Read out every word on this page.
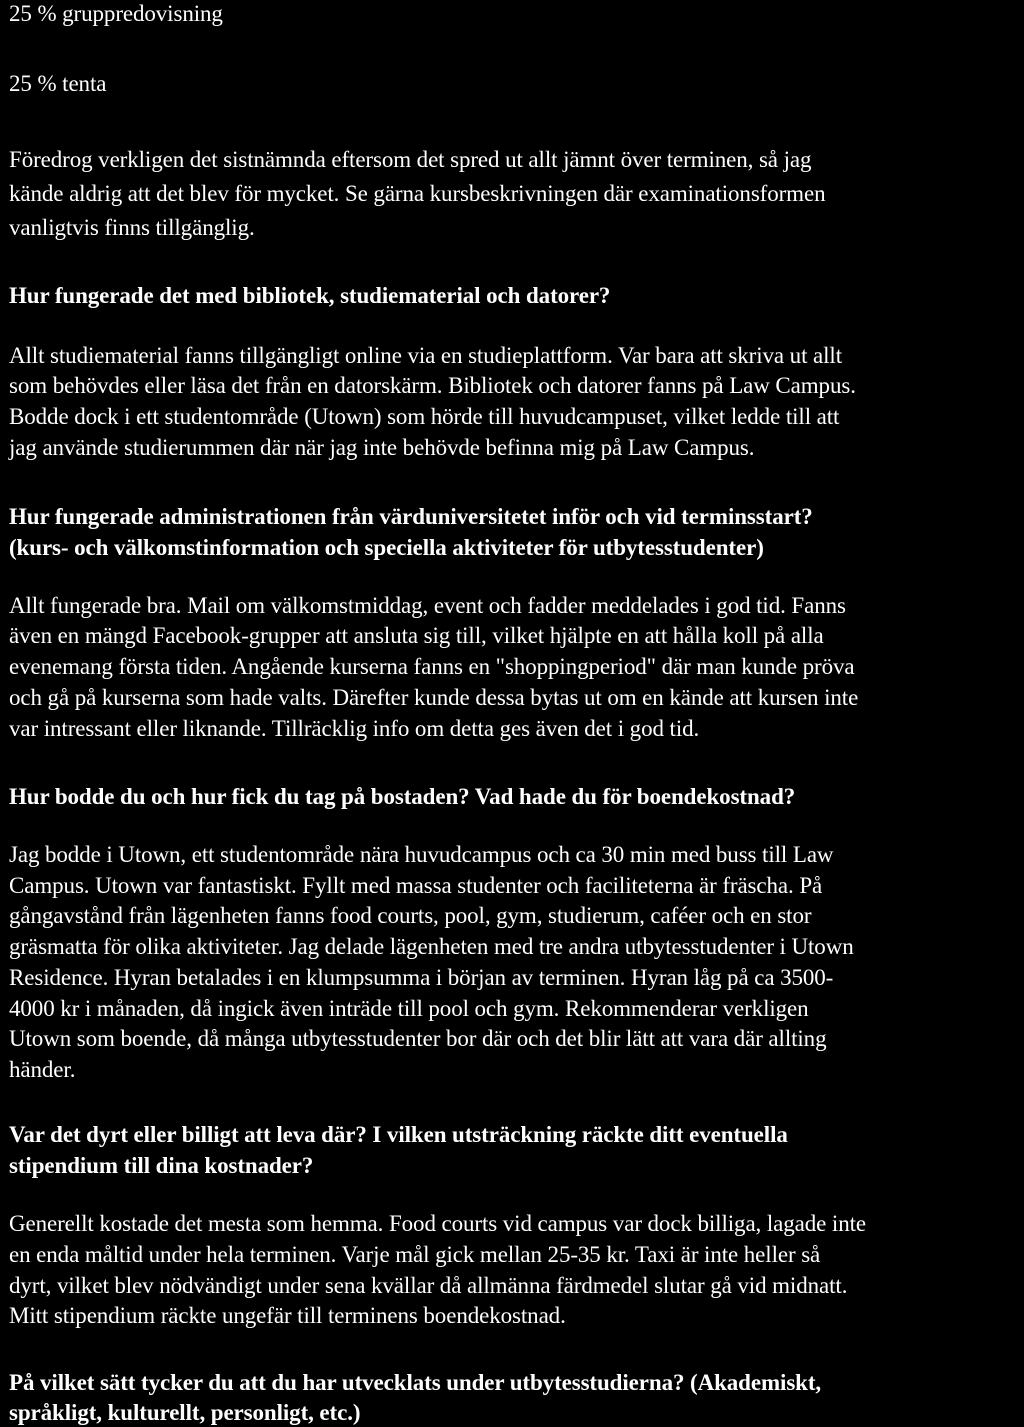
25 % gruppredovisning
25 % tenta
Föredrog verkligen det sistnämnda eftersom det spred ut allt jämnt över terminen, så jag
kände aldrig att det blev för mycket. Se gärna kursbeskrivningen där examinationsformen
vanligtvis finns tillgänglig.
Hur fungerade det med bibliotek, studiematerial och datorer?
Allt studiematerial fanns tillgängligt online via en studieplattform. Var bara att skriva ut allt
som behövdes eller läsa det från en datorskärm. Bibliotek och datorer fanns på Law Campus.
Bodde dock i ett studentområde (Utown) som hörde till huvudcampuset, vilket ledde till att
jag använde studierummen där när jag inte behövde befinna mig på Law Campus.
Hur fungerade administrationen från värduniversitetet inför och vid terminsstart?
(kurs- och välkomstinformation och speciella aktiviteter för utbytesstudenter)
Allt fungerade bra. Mail om välkomstmiddag, event och fadder meddelades i god tid. Fanns
även en mängd Facebook-grupper att ansluta sig till, vilket hjälpte en att hålla koll på alla
evenemang första tiden. Angående kurserna fanns en "shoppingperiod" där man kunde pröva
och gå på kurserna som hade valts. Därefter kunde dessa bytas ut om en kände att kursen inte
var intressant eller liknande. Tillräcklig info om detta ges även det i god tid.
Hur bodde du och hur fick du tag på bostaden? Vad hade du för boendekostnad?
Jag bodde i Utown, ett studentområde nära huvudcampus och ca 30 min med buss till Law
Campus. Utown var fantastiskt. Fyllt med massa studenter och faciliteterna är fräscha. På
gångavstånd från lägenheten fanns food courts, pool, gym, studierum, caféer och en stor
gräsmatta för olika aktiviteter. Jag delade lägenheten med tre andra utbytesstudenter i Utown
Residence. Hyran betalades i en klumpsumma i början av terminen. Hyran låg på ca 3500-
4000 kr i månaden, då ingick även inträde till pool och gym. Rekommenderar verkligen
Utown som boende, då många utbytesstudenter bor där och det blir lätt att vara där allting
händer.
Var det dyrt eller billigt att leva där? I vilken utsträckning räckte ditt eventuella
stipendium till dina kostnader?
Generellt kostade det mesta som hemma. Food courts vid campus var dock billiga, lagade inte
en enda måltid under hela terminen. Varje mål gick mellan 25-35 kr. Taxi är inte heller så
dyrt, vilket blev nödvändigt under sena kvällar då allmänna färdmedel slutar gå vid midnatt.
Mitt stipendium räckte ungefär till terminens boendekostnad.
På vilket sätt tycker du att du har utvecklats under utbytesstudierna? (Akademiskt,
språkligt, kulturellt, personligt, etc.)
